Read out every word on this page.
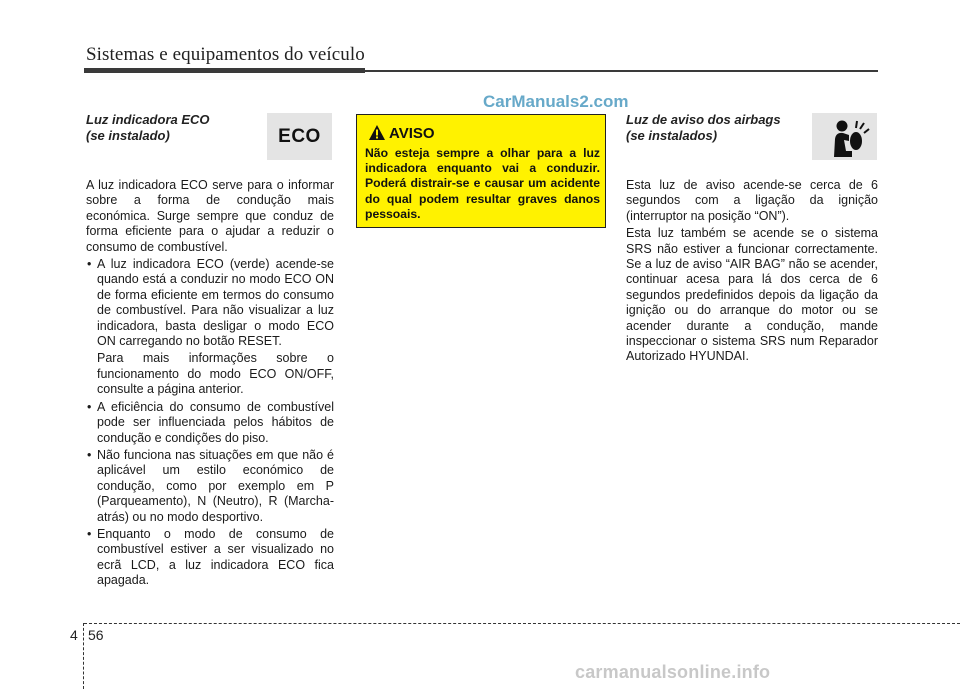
Sistemas e equipamentos do veículo
CarManuals2.com
Luz indicadora ECO
(se instalado)	ECO

A luz indicadora ECO serve para o informar sobre a forma de condução mais económica. Surge sempre que conduz de forma eficiente para o ajudar a reduzir o consumo de combustível.

• A luz indicadora ECO (verde) acende-se quando está a conduzir no modo ECO ON de forma eficiente em termos do consumo de combustível. Para não visualizar a luz indicadora, basta desligar o modo ECO ON carregando no botão RESET.
Para mais informações sobre o funcionamento do modo ECO ON/OFF, consulte a página anterior.
• A eficiência do consumo de combustível pode ser influenciada pelos hábitos de condução e condições do piso.
• Não funciona nas situações em que não é aplicável um estilo económico de condução, como por exemplo em P (Parqueamento), N (Neutro), R (Marcha-atrás) ou no modo desportivo.
• Enquanto o modo de consumo de combustível estiver a ser visualizado no ecrã LCD, a luz indicadora ECO fica apagada.
AVISO
Não esteja sempre a olhar para a luz indicadora enquanto vai a conduzir. Poderá distrair-se e causar um acidente do qual podem resultar graves danos pessoais.
Luz de aviso dos airbags
(se instalados)

Esta luz de aviso acende-se cerca de 6 segundos com a ligação da ignição (interruptor na posição “ON”).

Esta luz também se acende se o sistema SRS não estiver a funcionar correctamente. Se a luz de aviso “AIR BAG” não se acender, continuar acesa para lá dos cerca de 6 segundos predefinidos depois da ligação da ignição ou do arranque do motor ou se acender durante a condução, mande inspeccionar o sistema SRS num Reparador Autorizado HYUNDAI.

4 56
carmanualsonline.info
